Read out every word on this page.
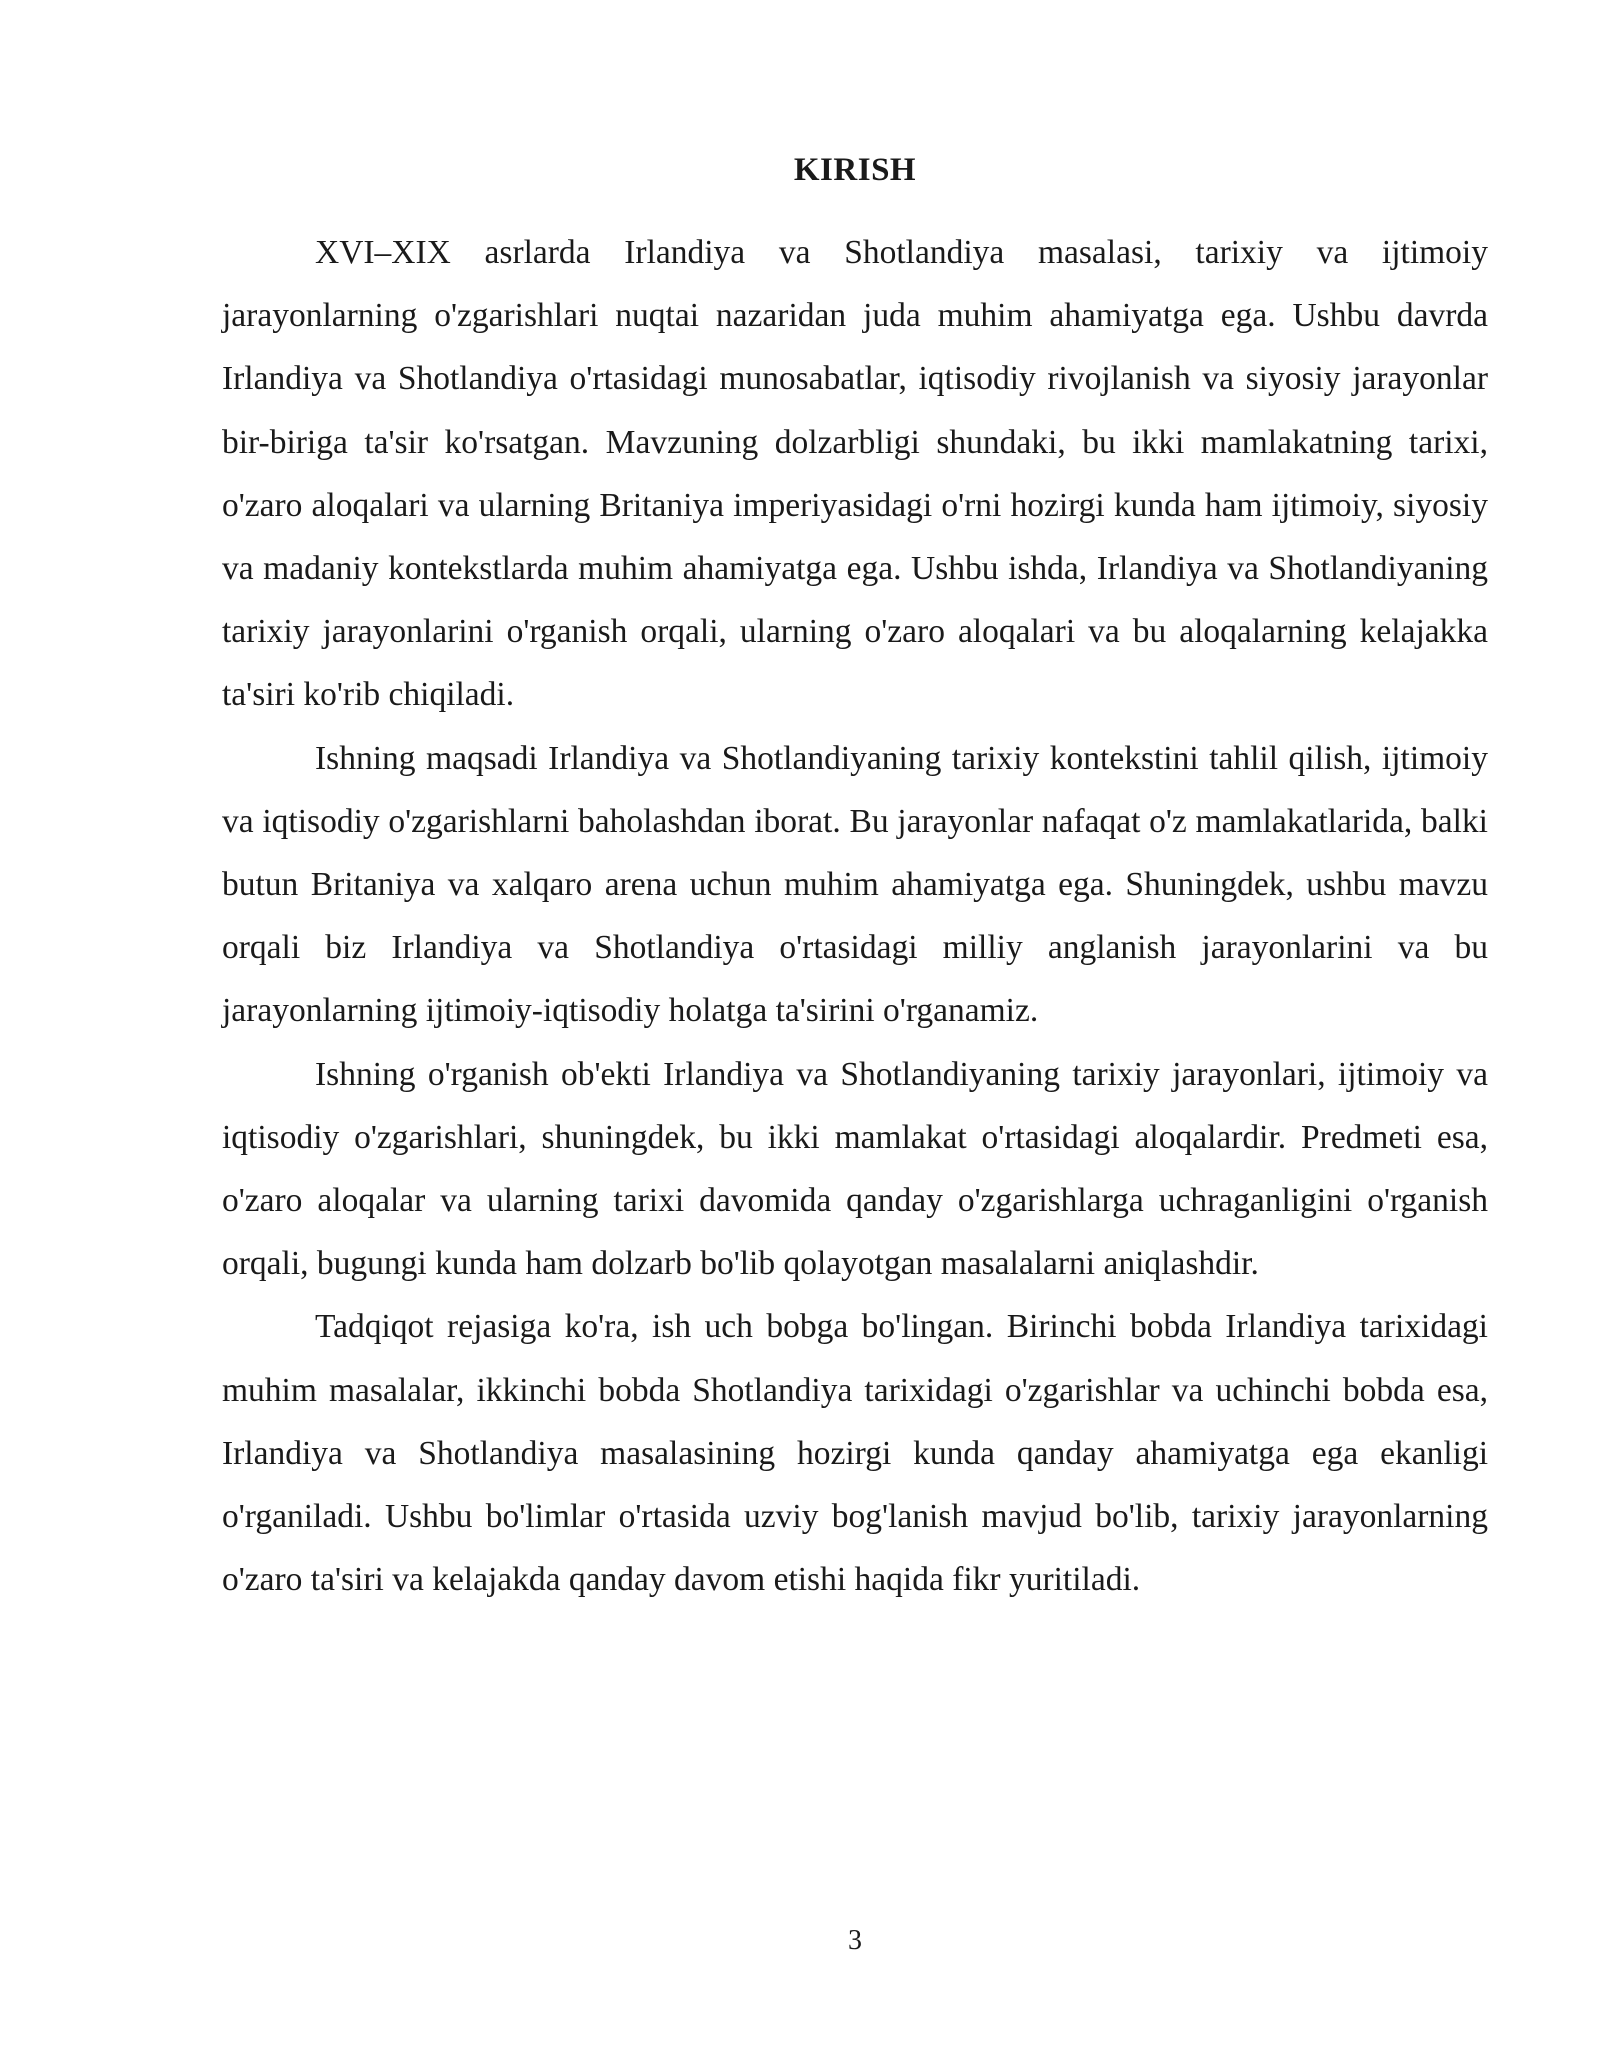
KIRISH

XVI–XIX asrlarda Irlandiya va Shotlandiya masalasi, tarixiy va ijtimoiy jarayonlarning o'zgarishlari nuqtai nazaridan juda muhim ahamiyatga ega. Ushbu davrda Irlandiya va Shotlandiya o'rtasidagi munosabatlar, iqtisodiy rivojlanish va siyosiy jarayonlar bir-biriga ta'sir ko'rsatgan. Mavzuning dolzarbligi shundaki, bu ikki mamlakatning tarixi, o'zaro aloqalari va ularning Britaniya imperiyasidagi o'rni hozirgi kunda ham ijtimoiy, siyosiy va madaniy kontekstlarda muhim ahamiyatga ega. Ushbu ishda, Irlandiya va Shotlandiyaning tarixiy jarayonlarini o'rganish orqali, ularning o'zaro aloqalari va bu aloqalarning kelajakka ta'siri ko'rib chiqiladi.

Ishning maqsadi Irlandiya va Shotlandiyaning tarixiy kontekstini tahlil qilish, ijtimoiy va iqtisodiy o'zgarishlarni baholashdan iborat. Bu jarayonlar nafaqat o'z mamlakatlarida, balki butun Britaniya va xalqaro arena uchun muhim ahamiyatga ega. Shuningdek, ushbu mavzu orqali biz Irlandiya va Shotlandiya o'rtasidagi milliy anglanish jarayonlarini va bu jarayonlarning ijtimoiy-iqtisodiy holatga ta'sirini o'rganamiz.

Ishning o'rganish ob'ekti Irlandiya va Shotlandiyaning tarixiy jarayonlari, ijtimoiy va iqtisodiy o'zgarishlari, shuningdek, bu ikki mamlakat o'rtasidagi aloqalardir. Predmeti esa, o'zaro aloqalar va ularning tarixi davomida qanday o'zgarishlarga uchraganligini o'rganish orqali, bugungi kunda ham dolzarb bo'lib qolayotgan masalalarni aniqlashdir.

Tadqiqot rejasiga ko'ra, ish uch bobga bo'lingan. Birinchi bobda Irlandiya tarixidagi muhim masalalar, ikkinchi bobda Shotlandiya tarixidagi o'zgarishlar va uchinchi bobda esa, Irlandiya va Shotlandiya masalasining hozirgi kunda qanday ahamiyatga ega ekanligi o'rganiladi. Ushbu bo'limlar o'rtasida uzviy bog'lanish mavjud bo'lib, tarixiy jarayonlarning o'zaro ta'siri va kelajakda qanday davom etishi haqida fikr yuritiladi.

3
